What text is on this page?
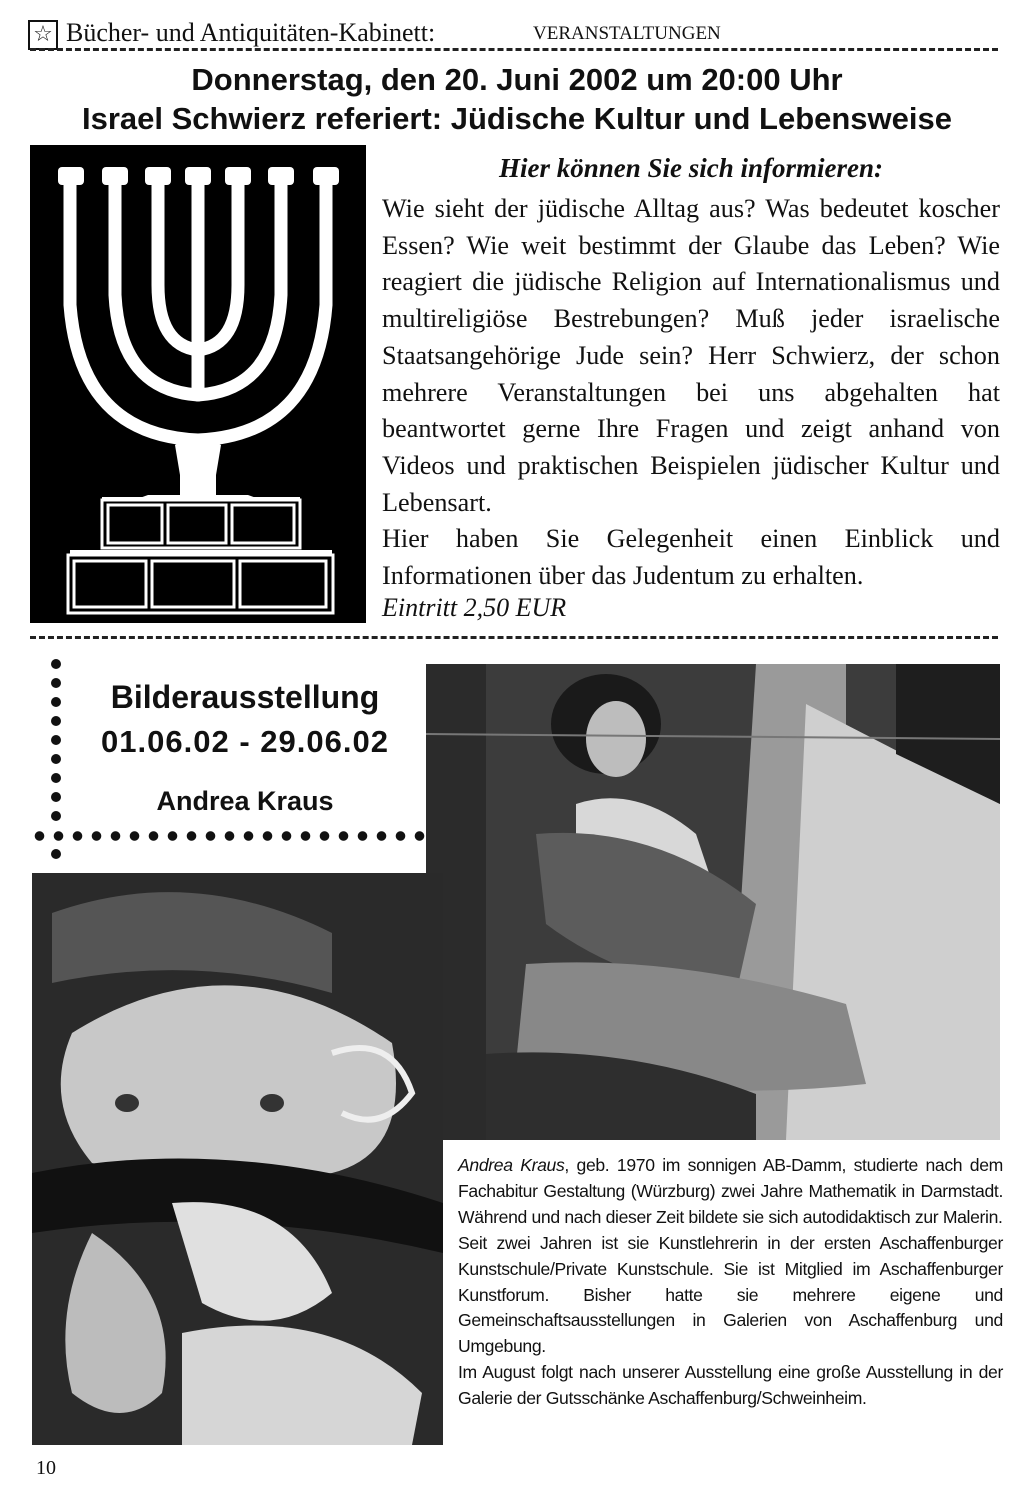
☆ Bücher- und Antiquitäten-Kabinett:	VERANSTALTUNGEN
Donnerstag, den 20. Juni 2002 um 20:00 Uhr
Israel Schwierz referiert: Jüdische Kultur und Lebensweise
Hier können Sie sich informieren:

Wie sieht der jüdische Alltag aus? Was bedeutet koscher Essen? Wie weit bestimmt der Glaube das Leben? Wie reagiert die jüdische Religion auf Internationalismus und multireligiöse Bestrebungen? Muß jeder israelische Staatsangehörige Jude sein? Herr Schwierz, der schon mehrere Veranstaltungen bei uns abgehalten hat beantwortet gerne Ihre Fragen und zeigt anhand von Videos und praktischen Beispielen jüdischer Kultur und Lebensart.

Hier haben Sie Gelegenheit einen Einblick und Informationen über das Judentum zu erhalten.

Eintritt 2,50 EUR
Bilderausstellung
01.06.02 - 29.06.02
Andrea Kraus

Andrea Kraus, geb. 1970 im sonnigen AB-Damm, studierte nach dem Fachabitur Gestaltung (Würzburg) zwei Jahre Mathematik in Darmstadt. Während und nach dieser Zeit bildete sie sich autodidaktisch zur Malerin.

Seit zwei Jahren ist sie Kunstlehrerin in der ersten Aschaffenburger Kunstschule/Private Kunstschule. Sie ist Mitglied im Aschaffenburger Kunstforum. Bisher hatte sie mehrere eigene und Gemeinschaftsausstellungen in Galerien von Aschaffenburg und Umgebung.

Im August folgt nach unserer Ausstellung eine große Ausstellung in der Galerie der Gutsschänke Aschaffenburg/Schweinheim.

10
